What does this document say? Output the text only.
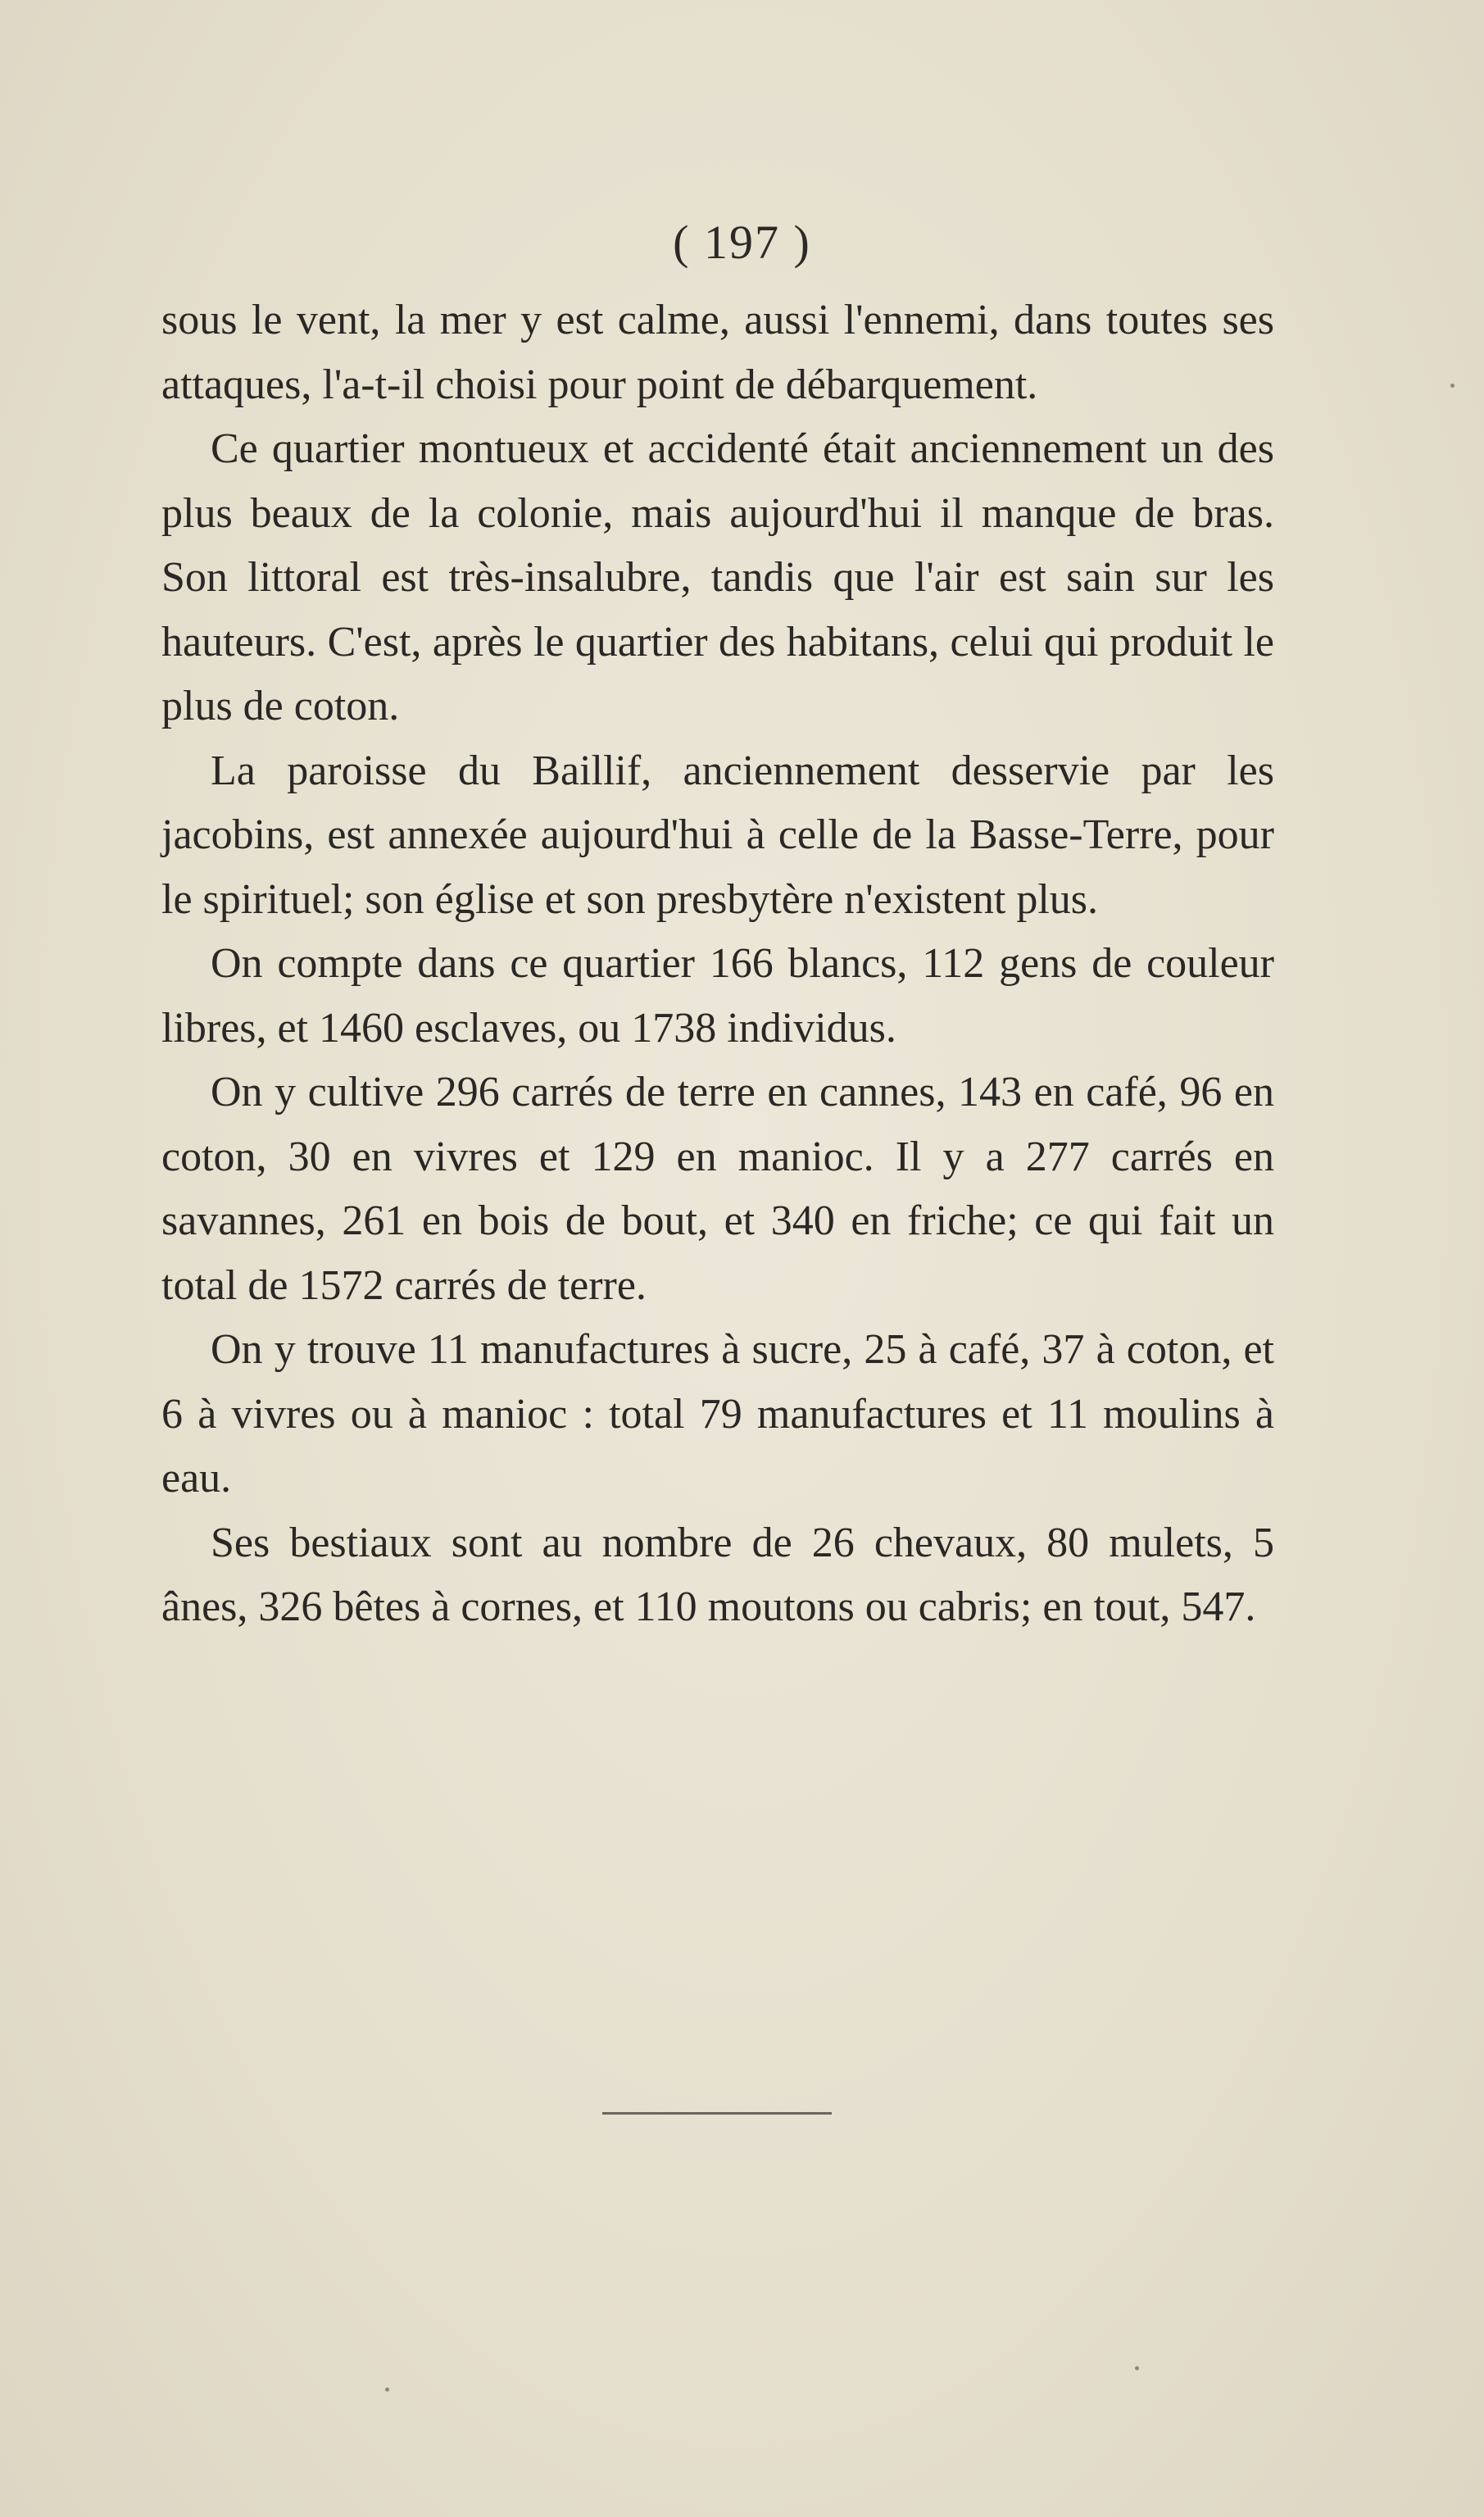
( 197 )

sous le vent, la mer y est calme, aussi l'ennemi, dans toutes ses attaques, l'a-t-il choisi pour point de débarquement.

Ce quartier montueux et accidenté était anciennement un des plus beaux de la colonie, mais aujourd'hui il manque de bras. Son littoral est très-insalubre, tandis que l'air est sain sur les hauteurs. C'est, après le quartier des habitans, celui qui produit le plus de coton.

La paroisse du Baillif, anciennement desservie par les jacobins, est annexée aujourd'hui à celle de la Basse-Terre, pour le spirituel; son église et son presbytère n'existent plus.

On compte dans ce quartier 166 blancs, 112 gens de couleur libres, et 1460 esclaves, ou 1738 individus.

On y cultive 296 carrés de terre en cannes, 143 en café, 96 en coton, 30 en vivres et 129 en manioc. Il y a 277 carrés en savannes, 261 en bois de bout, et 340 en friche; ce qui fait un total de 1572 carrés de terre.

On y trouve 11 manufactures à sucre, 25 à café, 37 à coton, et 6 à vivres ou à manioc : total 79 manufactures et 11 moulins à eau.

Ses bestiaux sont au nombre de 26 chevaux, 80 mulets, 5 ânes, 326 bêtes à cornes, et 110 moutons ou cabris; en tout, 547.
